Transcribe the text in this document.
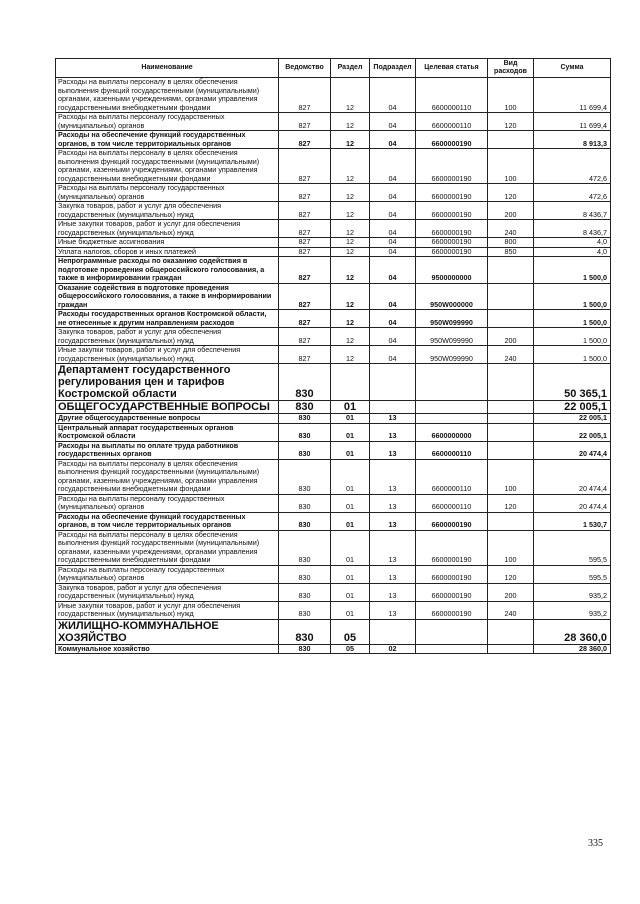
Наименование	Ведомство	Раздел	Подраздел	Целевая статья	Вид расходов	Сумма
Расходы на выплаты персоналу в целях обеспечения выполнения функций государственными (муниципальными) органами, казенными учреждениями, органами управления государственными внебюджетными фондами	827	12	04	6600000110	100	11 699,4
Расходы на выплаты персоналу государственных (муниципальных) органов	827	12	04	6600000110	120	11 699,4
Расходы на обеспечение функций государственных органов, в том числе территориальных органов	827	12	04	6600000190		8 913,3
Расходы на выплаты персоналу в целях обеспечения выполнения функций государственными (муниципальными) органами, казенными учреждениями, органами управления государственными внебюджетными фондами	827	12	04	6600000190	100	472,6
Расходы на выплаты персоналу государственных (муниципальных) органов	827	12	04	6600000190	120	472,6
Закупка товаров, работ и услуг для обеспечения государственных (муниципальных) нужд	827	12	04	6600000190	200	8 436,7
Иные закупки товаров, работ и услуг для обеспечения государственных (муниципальных) нужд	827	12	04	6600000190	240	8 436,7
Иные бюджетные ассигнования	827	12	04	6600000190	800	4,0
Уплата налогов, сборов и иных платежей	827	12	04	6600000190	850	4,0
Непрограммные расходы по оказанию содействия в подготовке проведения общероссийского голосования, а также в информировании граждан	827	12	04	9500000000		1 500,0
Оказание содействия в подготовке проведения общероссийского голосования, а также в информировании граждан	827	12	04	950W000000		1 500,0
Расходы государственных органов Костромской области, не отнесенные к другим направлениям расходов	827	12	04	950W099990		1 500,0
Закупка товаров, работ и услуг для обеспечения государственных (муниципальных) нужд	827	12	04	950W099990	200	1 500,0
Иные закупки товаров, работ и услуг для обеспечения государственных (муниципальных) нужд	827	12	04	950W099990	240	1 500,0
Департамент государственного регулирования цен и тарифов Костромской области	830					50 365,1
ОБЩЕГОСУДАРСТВЕННЫЕ ВОПРОСЫ	830	01				22 005,1
Другие общегосударственные вопросы	830	01	13			22 005,1
Центральный аппарат государственных органов Костромской области	830	01	13	6600000000		22 005,1
Расходы на выплаты по оплате труда работников государственных органов	830	01	13	6600000110		20 474,4
Расходы на выплаты персоналу в целях обеспечения выполнения функций государственными (муниципальными) органами, казенными учреждениями, органами управления государственными внебюджетными фондами	830	01	13	6600000110	100	20 474,4
Расходы на выплаты персоналу государственных (муниципальных) органов	830	01	13	6600000110	120	20 474,4
Расходы на обеспечение функций государственных органов, в том числе территориальных органов	830	01	13	6600000190		1 530,7
Расходы на выплаты персоналу в целях обеспечения выполнения функций государственными (муниципальными) органами, казенными учреждениями, органами управления государственными внебюджетными фондами	830	01	13	6600000190	100	595,5
Расходы на выплаты персоналу государственных (муниципальных) органов	830	01	13	6600000190	120	595,5
Закупка товаров, работ и услуг для обеспечения государственных (муниципальных) нужд	830	01	13	6600000190	200	935,2
Иные закупки товаров, работ и услуг для обеспечения государственных (муниципальных) нужд	830	01	13	6600000190	240	935,2
ЖИЛИЩНО-КОММУНАЛЬНОЕ ХОЗЯЙСТВО	830	05				28 360,0
Коммунальное хозяйство	830	05	02			28 360,0
335
